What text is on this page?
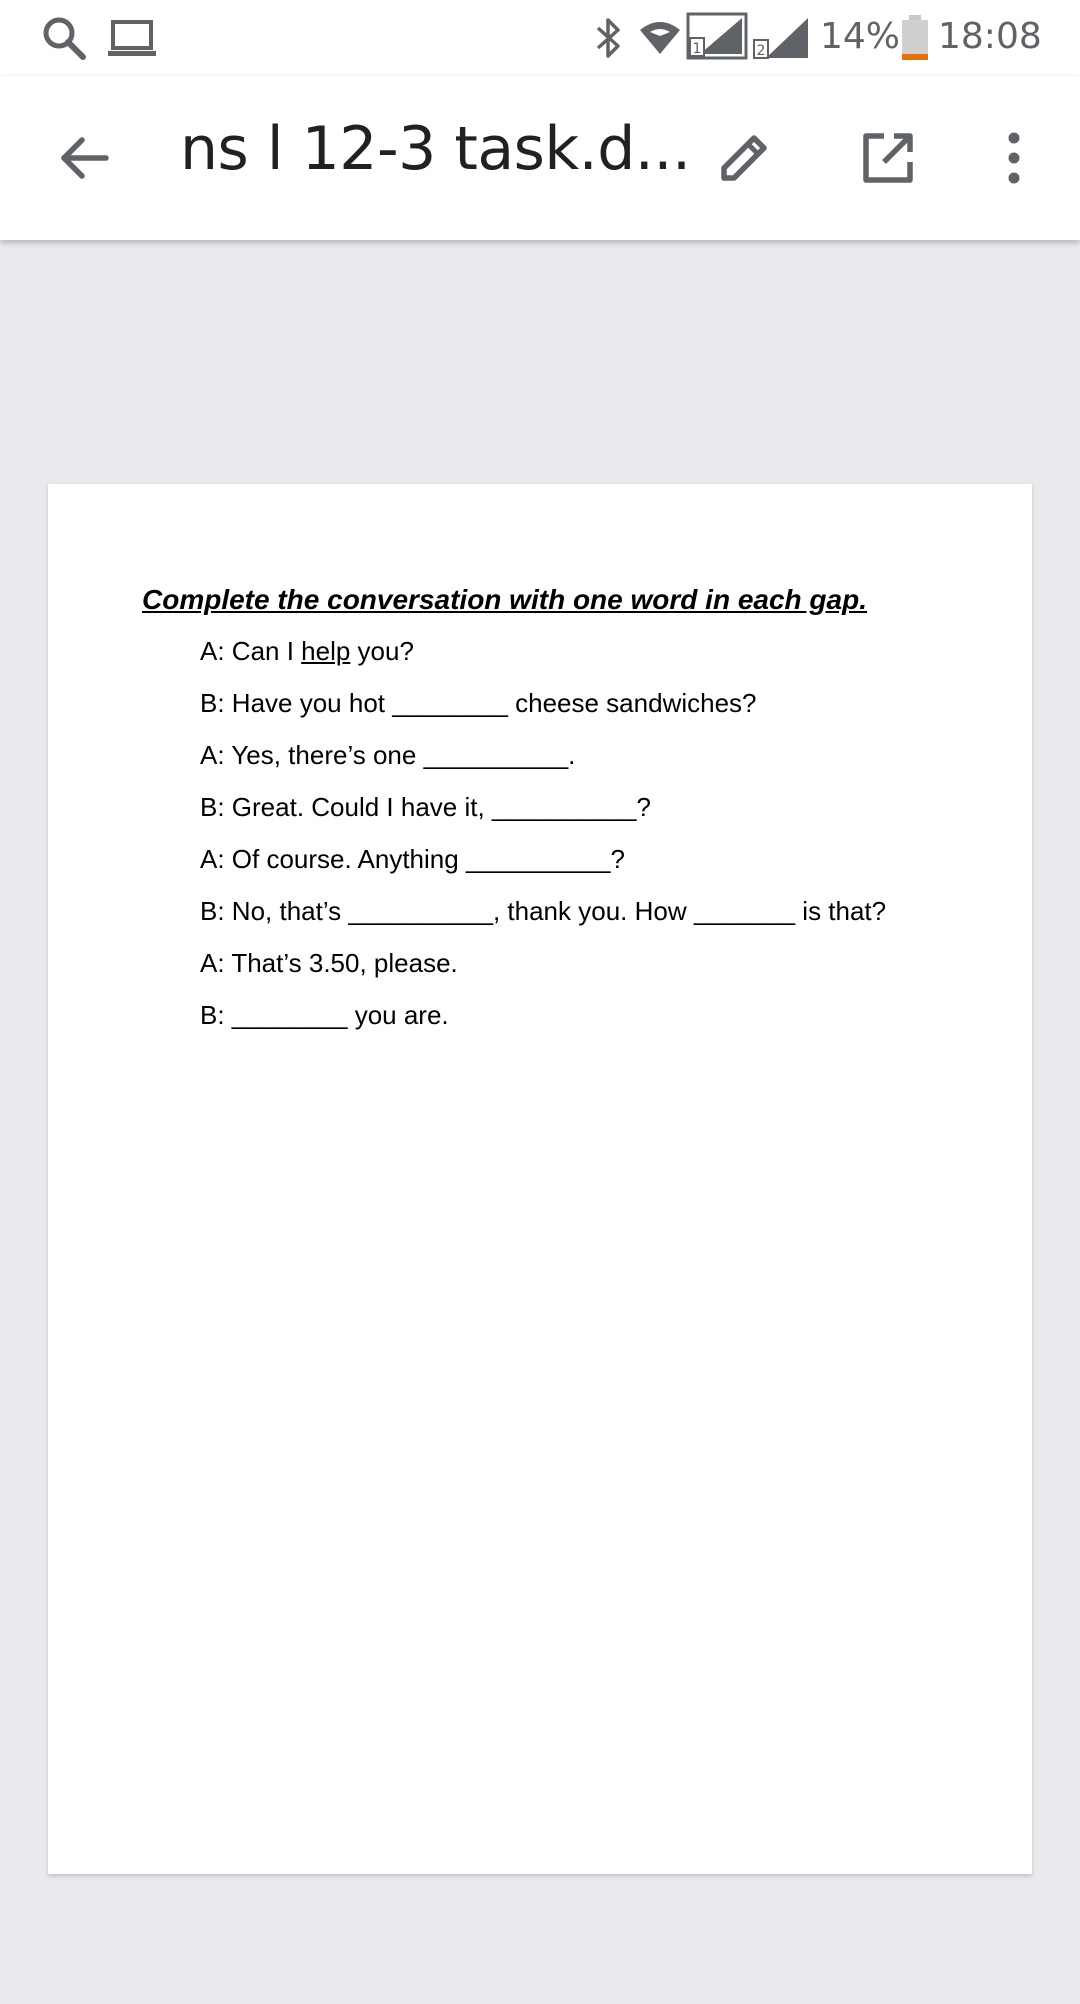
1	2 14% 18:08
ns l 12-3 task.d...
Complete the conversation with one word in each gap.
A: Can I help you?
B: Have you hot ________ cheese sandwiches?
A: Yes, there’s one __________.
B: Great. Could I have it, __________?
A: Of course. Anything __________?
B: No, that’s __________, thank you. How _______ is that?
A: That’s 3.50, please.
B: ________ you are.
